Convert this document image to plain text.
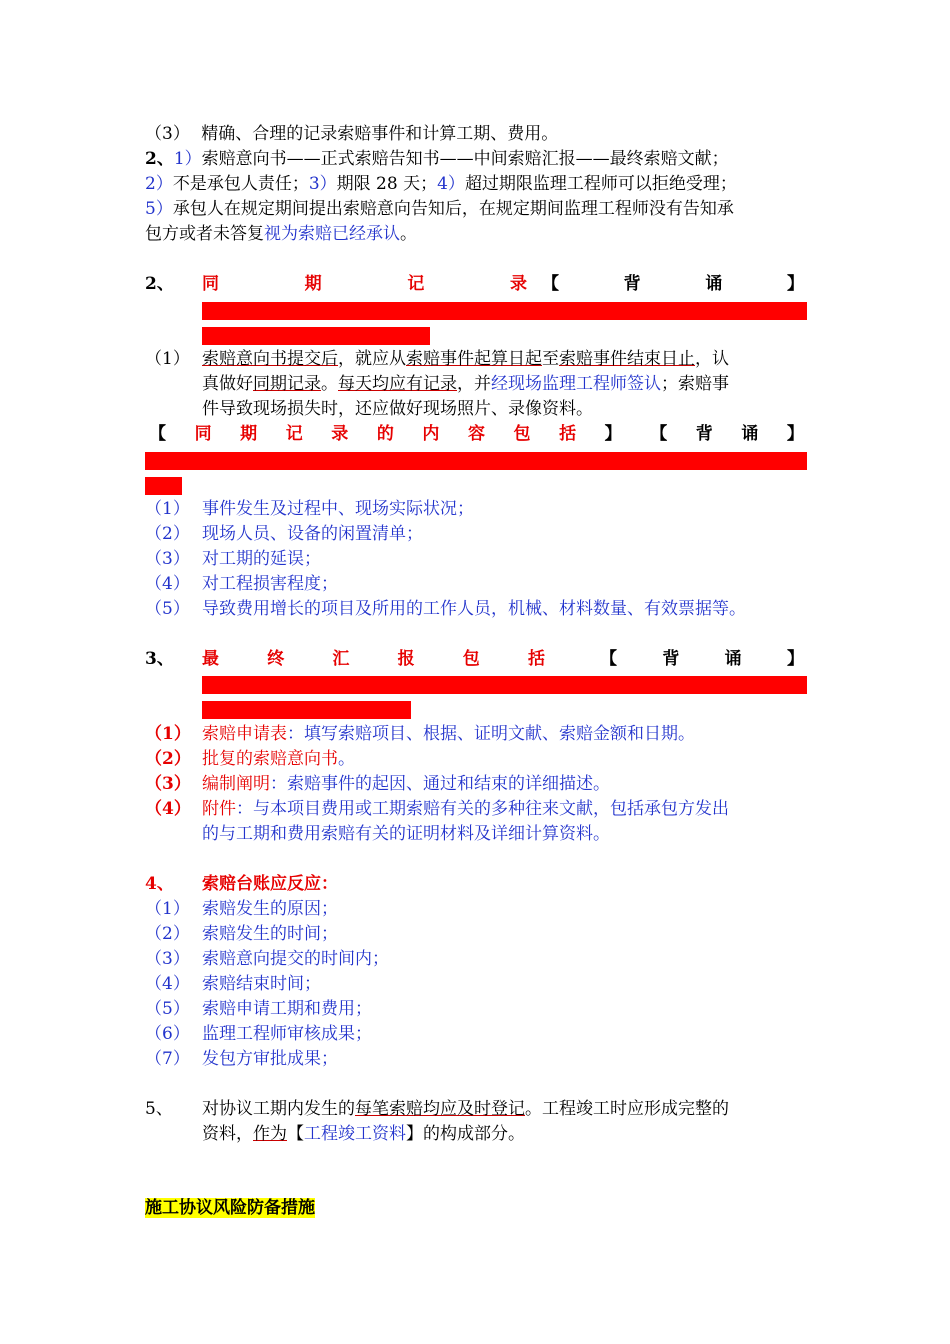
（3） 精确、合理的记录索赔事件和计算工期、费用。
2、1）索赔意向书——正式索赔告知书——中间索赔汇报——最终索赔文献；
2）不是承包人责任；3）期限 28 天；4）超过期限监理工程师可以拒绝受理；
5）承包人在规定期间提出索赔意向告知后，在规定期间监理工程师没有告知承
包方或者未答复视为索赔已经承认。
2、 同	期	记	录 【	背	诵	】
（1） 索赔意向书提交后，就应从索赔事件起算日起至索赔事件结束日止，认
真做好同期记录。每天均应有记录，并经现场监理工程师签认；索赔事
件导致现场损失时，还应做好现场照片、录像资料。
【 同 期 记 录 的 内 容 包 括 】 【 背 诵 】
（1） 事件发生及过程中、现场实际状况；
（2） 现场人员、设备的闲置清单；
（3） 对工期的延误；
（4） 对工程损害程度；
（5） 导致费用增长的项目及所用的工作人员，机械、材料数量、有效票据等。
3、 最	终	汇	报	包	括	【	背	诵	】
（1） 索赔申请表：填写索赔项目、根据、证明文献、索赔金额和日期。
（2） 批复的索赔意向书。
（3） 编制阐明：索赔事件的起因、通过和结束的详细描述。
（4） 附件：与本项目费用或工期索赔有关的多种往来文献，包括承包方发出
的与工期和费用索赔有关的证明材料及详细计算资料。
4、 索赔台账应反应：
（1） 索赔发生的原因；
（2） 索赔发生的时间；
（3） 索赔意向提交的时间内；
（4） 索赔结束时间；
（5） 索赔申请工期和费用；
（6） 监理工程师审核成果；
（7） 发包方审批成果；
5、 对协议工期内发生的每笔索赔均应及时登记。工程竣工时应形成完整的
资料，作为【工程竣工资料】的构成部分。
施工协议风险防备措施
